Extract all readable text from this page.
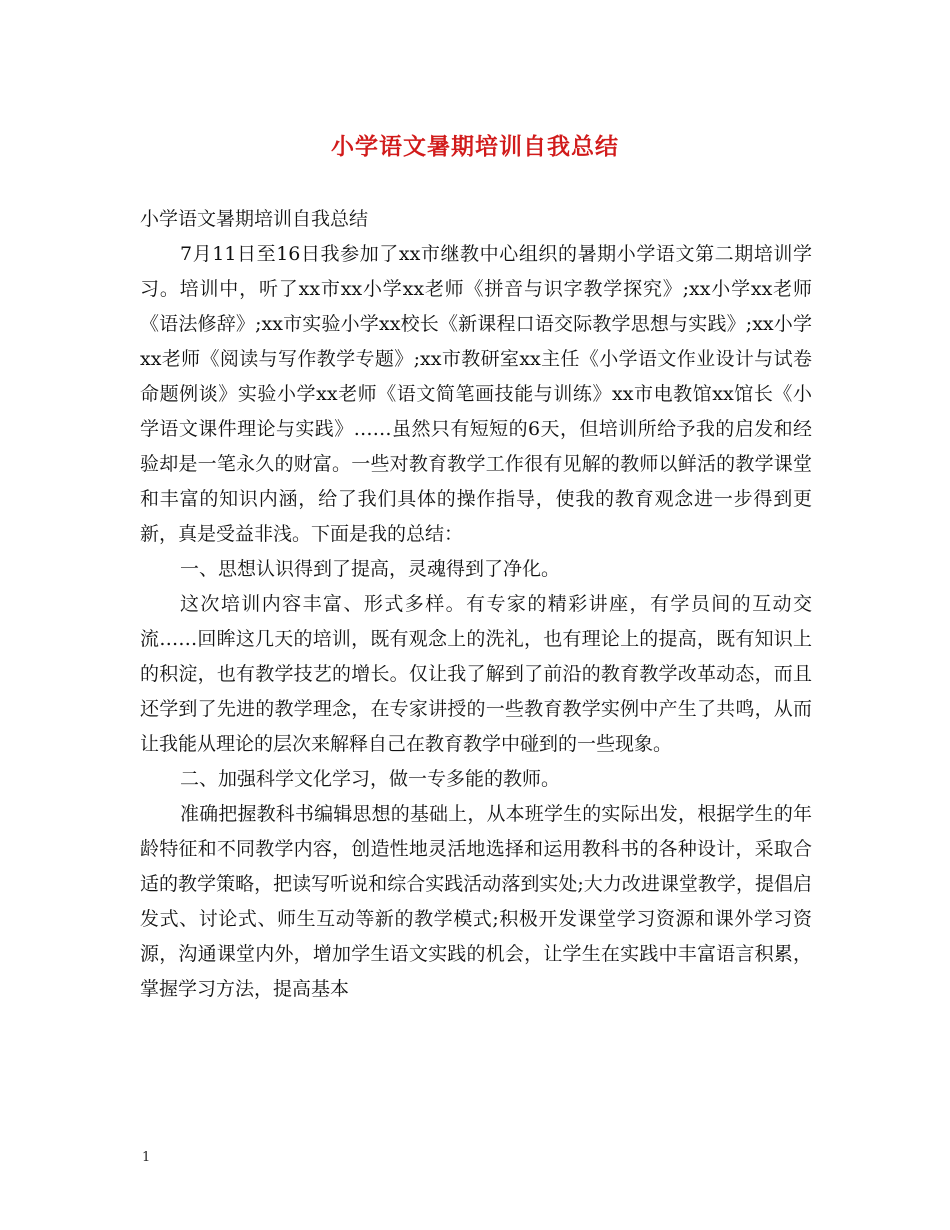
小学语文暑期培训自我总结

小学语文暑期培训自我总结

7月11日至16日我参加了xx市继教中心组织的暑期小学语文第二期培训学习。培训中，听了xx市xx小学xx老师《拼音与识字教学探究》;xx小学xx老师《语法修辞》;xx市实验小学xx校长《新课程口语交际教学思想与实践》;xx小学xx老师《阅读与写作教学专题》;xx市教研室xx主任《小学语文作业设计与试卷命题例谈》实验小学xx老师《语文简笔画技能与训练》xx市电教馆xx馆长《小学语文课件理论与实践》……虽然只有短短的6天，但培训所给予我的启发和经验却是一笔永久的财富。一些对教育教学工作很有见解的教师以鲜活的教学课堂和丰富的知识内涵，给了我们具体的操作指导，使我的教育观念进一步得到更新，真是受益非浅。下面是我的总结：

一、思想认识得到了提高，灵魂得到了净化。

这次培训内容丰富、形式多样。有专家的精彩讲座，有学员间的互动交流……回眸这几天的培训，既有观念上的洗礼，也有理论上的提高，既有知识上的积淀，也有教学技艺的增长。仅让我了解到了前沿的教育教学改革动态，而且还学到了先进的教学理念，在专家讲授的一些教育教学实例中产生了共鸣，从而让我能从理论的层次来解释自己在教育教学中碰到的一些现象。

二、加强科学文化学习，做一专多能的教师。

准确把握教科书编辑思想的基础上，从本班学生的实际出发，根据学生的年龄特征和不同教学内容，创造性地灵活地选择和运用教科书的各种设计，采取合适的教学策略，把读写听说和综合实践活动落到实处;大力改进课堂教学，提倡启发式、讨论式、师生互动等新的教学模式;积极开发课堂学习资源和课外学习资源，沟通课堂内外，增加学生语文实践的机会，让学生在实践中丰富语言积累，掌握学习方法，提高基本

1
